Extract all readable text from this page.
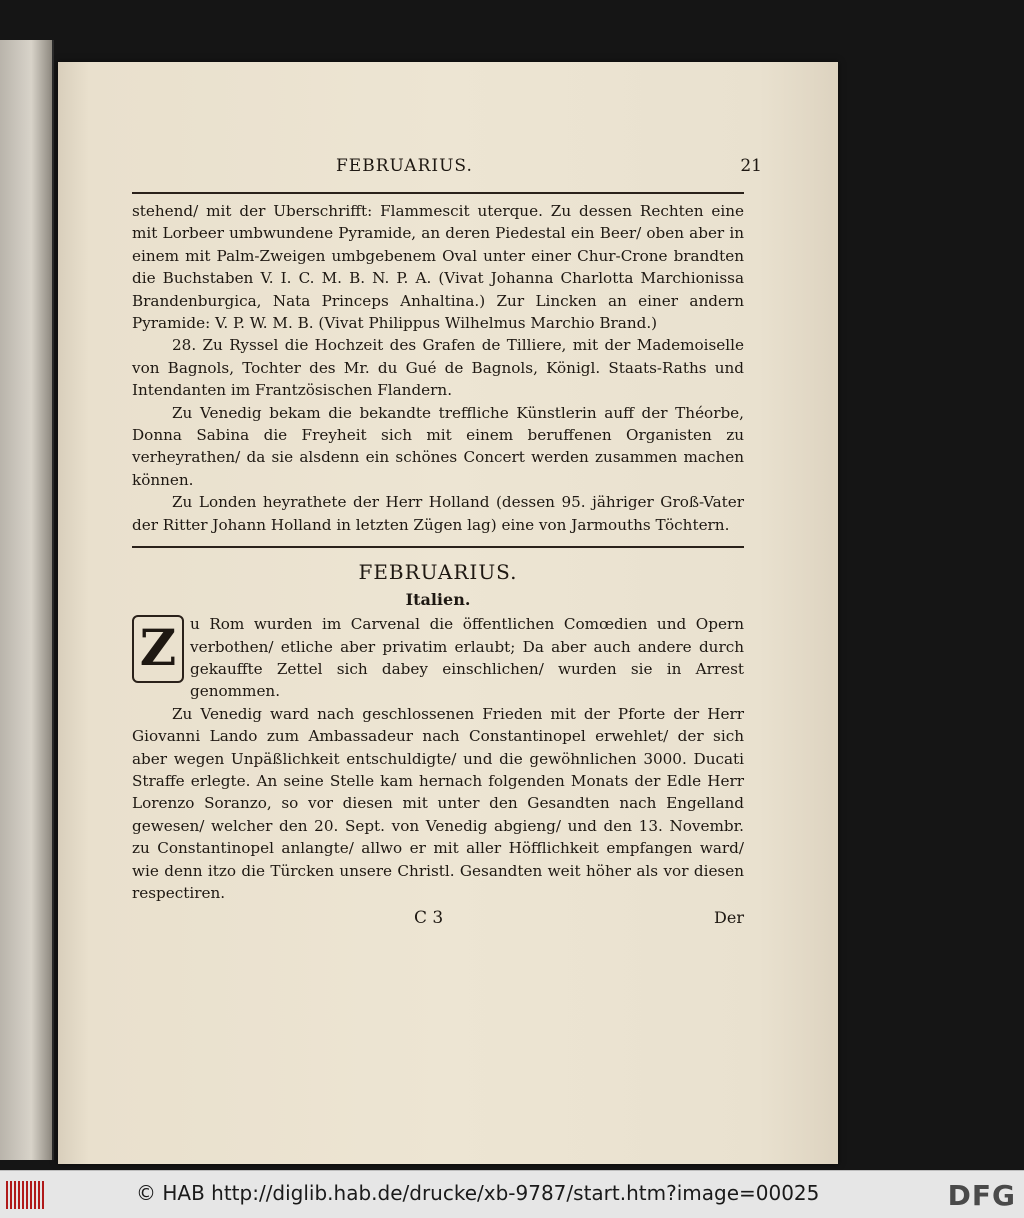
FEBRUARIUS.	21

stehend/ mit der Uberschrifft: Flammescit uterque. Zu dessen Rechten eine mit Lorbeer umbwundene Pyramide, an deren Piedestal ein Beer/ oben aber in einem mit Palm-Zweigen umbgebenem Oval unter einer Chur-Crone brandten die Buchstaben V. I. C. M. B. N. P. A. (Vivat Johanna Charlotta Marchionissa Brandenburgica, Nata Princeps Anhaltina.) Zur Lincken an einer andern Pyramide: V. P. W. M. B. (Vivat Philippus Wilhelmus Marchio Brand.)

28. Zu Ryssel die Hochzeit des Grafen de Tilliere, mit der Mademoiselle von Bagnols, Tochter des Mr. du Gué de Bagnols, Königl. Staats-Raths und Intendanten im Frantzösischen Flandern.

Zu Venedig bekam die bekandte treffliche Künstlerin auff der Théorbe, Donna Sabina die Freyheit sich mit einem beruffenen Organisten zu verheyrathen/ da sie alsdenn ein schönes Concert werden zusammen machen können.

Zu Londen heyrathete der Herr Holland (dessen 95. jähriger Groß-Vater der Ritter Johann Holland in letzten Zügen lag) eine von Jarmouths Töchtern.

FEBRUARIUS.
Italien.
Z u Rom wurden im Carvenal die öffentlichen Comœdien und Opern verbothen/ etliche aber privatim erlaubt; Da aber auch andere durch gekauffte Zettel sich dabey einschlichen/ wurden sie in Arrest genommen.

Zu Venedig ward nach geschlossenen Frieden mit der Pforte der Herr Giovanni Lando zum Ambassadeur nach Constantinopel erwehlet/ der sich aber wegen Unpäßlichkeit entschuldigte/ und die gewöhnlichen 3000. Ducati Straffe erlegte. An seine Stelle kam hernach folgenden Monats der Edle Herr Lorenzo Soranzo, so vor diesen mit unter den Gesandten nach Engelland gewesen/ welcher den 20. Sept. von Venedig abgieng/ und den 13. Novembr. zu Constantinopel anlangte/ allwo er mit aller Höfflichkeit empfangen ward/ wie denn itzo die Türcken unsere Christl. Gesandten weit höher als vor diesen respectiren.

C 3	Der
© HAB http://diglib.hab.de/drucke/xb-9787/start.htm?image=00025	DFG
